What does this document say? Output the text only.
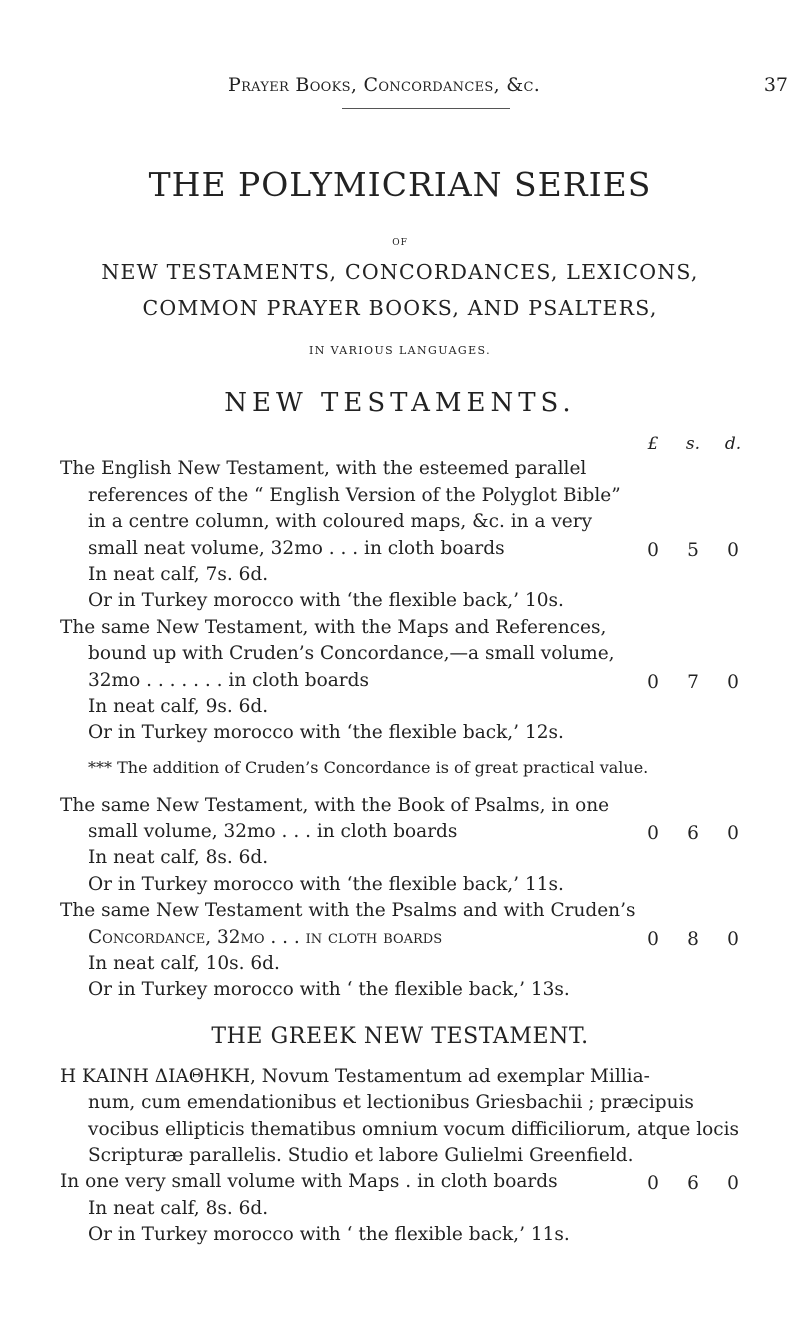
Prayer Books, Concordances, &c.	37
THE POLYMICRIAN SERIES
OF
NEW TESTAMENTS, CONCORDANCES, LEXICONS,
COMMON PRAYER BOOKS, AND PSALTERS,
IN VARIOUS LANGUAGES.
NEW TESTAMENTS.
£ s. d.
The English New Testament, with the esteemed parallel
references of the “ English Version of the Polyglot Bible”
in a centre column, with coloured maps, &c. in a very
small neat volume, 32mo . . . in cloth boards	0 5 0
In neat calf, 7s. 6d.
Or in Turkey morocco with ‘the flexible back,’ 10s.
The same New Testament, with the Maps and References,
bound up with Cruden’s Concordance,—a small volume,
32mo . . . . . . . in cloth boards	0 7 0
In neat calf, 9s. 6d.
Or in Turkey morocco with ‘the flexible back,’ 12s.
*** The addition of Cruden’s Concordance is of great practical value.
The same New Testament, with the Book of Psalms, in one
small volume, 32mo . . . in cloth boards	0 6 0
In neat calf, 8s. 6d.
Or in Turkey morocco with ‘the flexible back,’ 11s.
The same New Testament with the Psalms and with Cruden’s
Concordance, 32mo . . . in cloth boards	0 8 0
In neat calf, 10s. 6d.
Or in Turkey morocco with ‘ the flexible back,’ 13s.
THE GREEK NEW TESTAMENT.
Η ΚΑΙΝΗ ΔΙΑΘΗΚΗ, Novum Testamentum ad exemplar Millia-
num, cum emendationibus et lectionibus Griesbachii ; præcipuis
vocibus ellipticis thematibus omnium vocum difficiliorum, atque locis
Scripturæ parallelis. Studio et labore Gulielmi Greenfield.
In one very small volume with Maps . in cloth boards	0 6 0
In neat calf, 8s. 6d.
Or in Turkey morocco with ‘ the flexible back,’ 11s.
